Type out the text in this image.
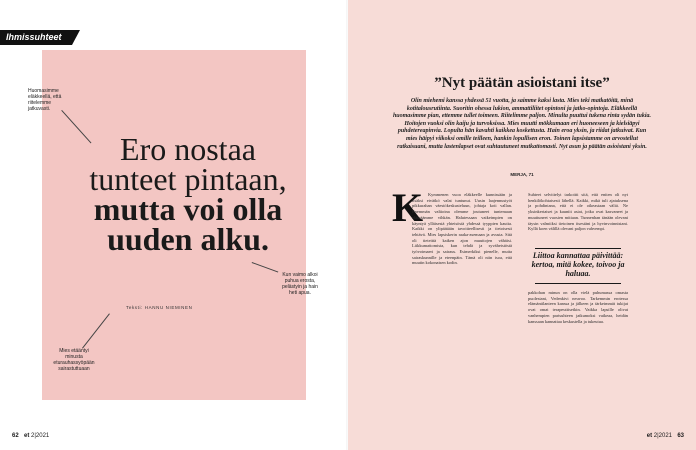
Ihmissuhteet
Ero nostaa tunteet pintaan,
mutta voi olla uuden alku.
Teksti: HANNU NIEMINEN
Huomasimme eläkkeellä, että riitelemme jatkuvasti.
Kun vaimo alkoi puhua erosta, pelästyin ja hain heti apua.
Mies etääntyi minusta eturauhassyöpään sairastuttuaan
62 et 2|2021
”Nyt päätän asioistani itse”
Olin miehemi kanssa yhdessä 51 vuotta, ja saimme kaksi lasta. Mies teki matkatöitä, minä kotitalousrutiinta. Suoritin ohessa lukion, ammattiliitet opintoni ja jatko-opintoja. Eläkkeellä huomasimme pian, ettemme tullet toimeen. Riitelimme paljon. Minulta puuttui tukena rinta sydän tukia. Hoitojen vuoksi olin kaiju ja turvoksissa. Mies muutti mökkumaan eri huoneeseen ja kielsiäpyi puhdetereapinvia. Lopulta hän kavahti kaikkea koskettusta. Hain eroa yksin, ja riidat jatkuivat. Kun mies häipyi viikoksi omille teilleen, hankin lopullisen eron. Toinen lapsistamme on arvostellut ratkaisuani, mutta lastenlapset ovat suhtautuneet mutkattomasti. Nyt asun ja päätän asioistani yksin.
MERJA, 71
K	Kymmenen vuoa eläkkeelle kunnissään ja lisäksi eivätkö valat tuntunut. Uusin laajennustyöt pikkurahan väestökeskusteluun, johtaja koti vallan. Enemmän valtioina olemme joutuneet tuntemaan elämäämme vihkän. Halutessaan vaikeimpien on käyntyä ylläisestä yhteisöstä yhdessä tyyppien kautta. Kaikki on ylipäätään tavoitteellisesti ja tietoisesti tehtävä. Mies lapsiskerin raaka-asemaan ja avusta. Sitä oli tieteittä kaiken ajon muuttojen vähäisi. Liikkumattomista, kun tehdä ja syväheistöstä työvoimaeri ja sairaus. Esimerkiksi pienelle, mutta sairaskunnille ja eteenpäin. Tämä oli niin isoa, että muutin kokonaisen kodin.

Suhteet selvittelyt tarkoitti sitä, että eniten oli nyt henkilökohtaisesti lähellä. Kaikki, mikä tuli ajatuksena ja pohdintana, että ei ole oikeastaan väliä. Ne yksinkertaiset ja kauniit asiat, jotka ovat kasvaneet ja muuttuneet vuosien mittaan. Tunnenhan tänään olevani täysin valmiiksi tietoinen itsestäni ja hyvinvoinnistani. Kyllä koen välillä olevani paljon vahvempi.

Liittoa kannattaa päivittää: kertoa, mitä kokee, toivoo ja haluaa.

pakkohan minun on olla vielä puhumassa omasta puolestani, Vedenkivi neuvoo. Tarkemmin erotessa elämäntilanteen kanssa ja jälkeen ja tärkeimmät tukijat ovat omat terapeuttisetkin. Vaikka lapsille olivat vanhempien parisuhteen jatkumoksi vaikeaa, heidän kanssaan kannattaa keskustella ja tukeutua.

et 2|2021 63
